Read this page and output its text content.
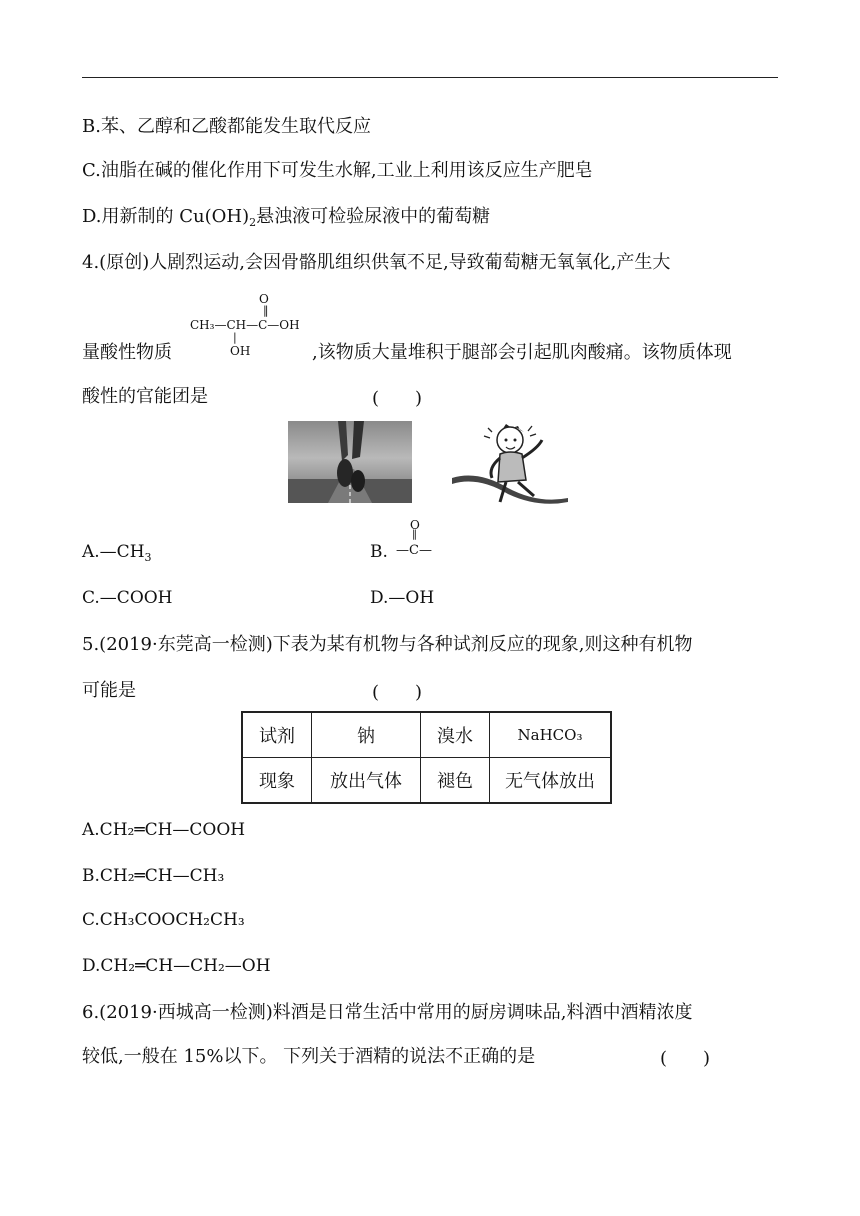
B.苯、乙醇和乙酸都能发生取代反应
C.油脂在碱的催化作用下可发生水解,工业上利用该反应生产肥皂
D.用新制的 $Cu(OH)_2$悬浊液可检验尿液中的葡萄糖
4.(原创)人剧烈运动,会因骨骼肌组织供氧不足,导致葡萄糖无氧氧化,产生大
量酸性物质	,该物质大量堆积于腿部会引起肌肉酸痛。该物质体现
O
‖
CH₃—CH—C—OH
|
OH
酸性的官能团是	(　　)
$A.—CH_3$	B.
O
‖
—C—
C.—COOH	D.—OH
5.(2019·东莞高一检测)下表为某有机物与各种试剂反应的现象,则这种有机物
可能是	(　　)
试剂	钠	溴水	NaHCO₃
现象	放出气体	褪色	无气体放出
A.CH₂═CH—COOH
B.CH₂═CH—CH₃
C.CH₃COOCH₂CH₃
D.CH₂═CH—CH₂—OH
6.(2019·西城高一检测)料酒是日常生活中常用的厨房调味品,料酒中酒精浓度
较低,一般在 15%以下。 下列关于酒精的说法不正确的是	(　　)
